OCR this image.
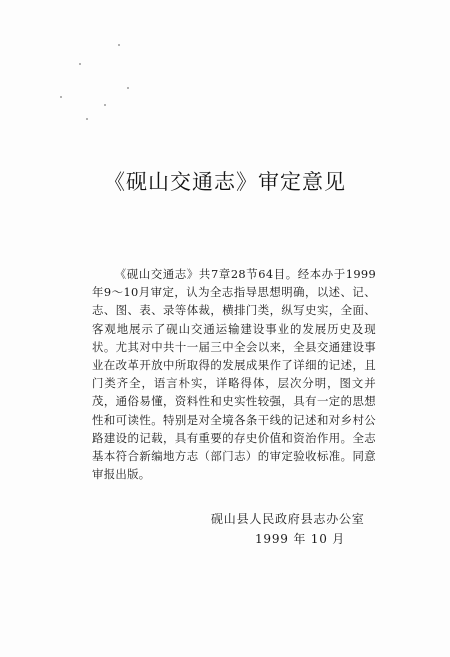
《砚山交通志》审定意见

《砚山交通志》共7章28节64目。经本办于1999年9～10月审定，认为全志指导思想明确，以述、记、志、图、表、录等体裁，横排门类，纵写史实，全面、客观地展示了砚山交通运输建设事业的发展历史及现状。尤其对中共十一届三中全会以来，全县交通建设事业在改革开放中所取得的发展成果作了详细的记述，且门类齐全，语言朴实，详略得体，层次分明，图文并茂，通俗易懂，资料性和史实性较强，具有一定的思想性和可读性。特别是对全境各条干线的记述和对乡村公路建设的记载，具有重要的存史价值和资治作用。全志基本符合新编地方志（部门志）的审定验收标准。同意审报出版。

砚山县人民政府县志办公室
1999 年 10 月
